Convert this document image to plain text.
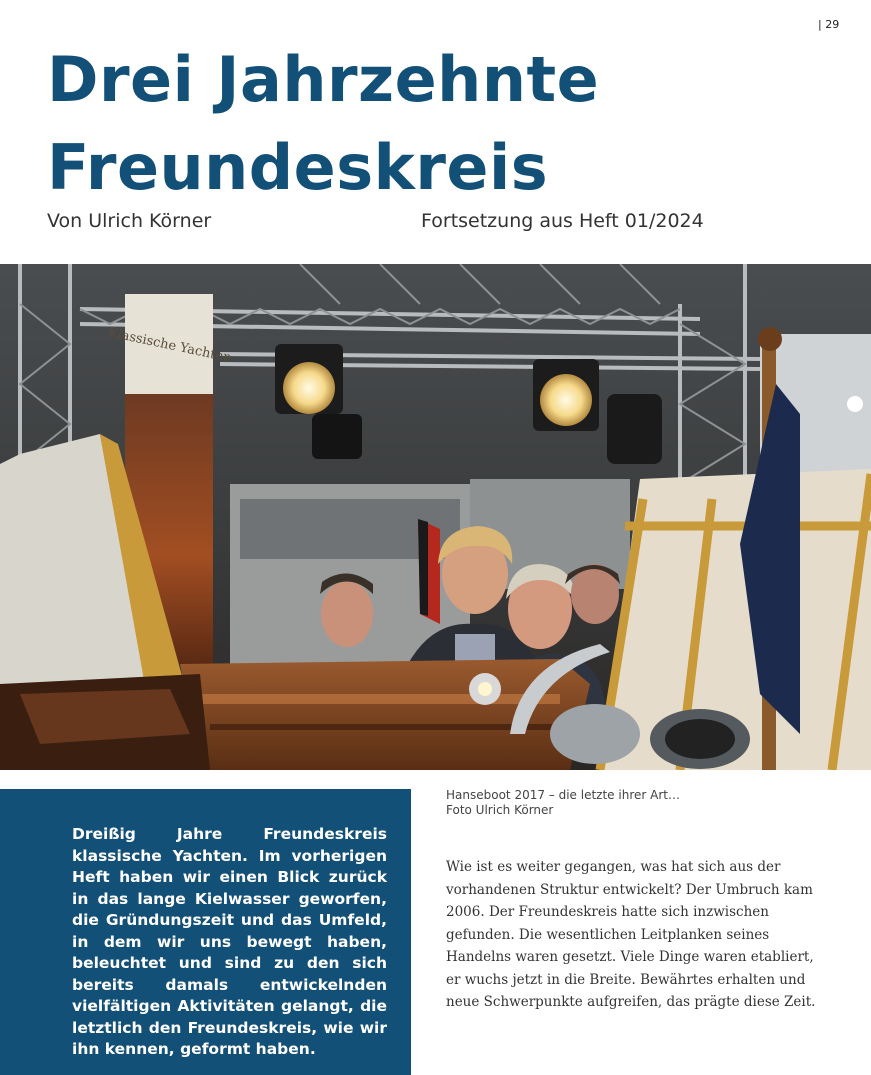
| 29
Drei Jahrzehnte
Freundeskreis
Von Ulrich Körner	Fortsetzung aus Heft 01/2024
Klassische Yachten
Hanseboot 2017 – die letzte ihrer Art…
Foto Ulrich Körner

Dreißig Jahre Freundeskreis klassische Yachten. Im vorherigen Heft haben wir einen Blick zurück in das lange Kielwasser geworfen, die Gründungszeit und das Umfeld, in dem wir uns bewegt haben, beleuchtet und sind zu den sich bereits damals entwickelnden vielfältigen Aktivitäten gelangt, die letztlich den Freundeskreis, wie wir ihn kennen, geformt haben.

Wie ist es weiter gegangen, was hat sich aus der vorhandenen Struktur entwickelt? Der Umbruch kam 2006. Der Freundeskreis hatte sich inzwischen gefunden. Die wesentlichen Leitplanken seines Handelns waren gesetzt. Viele Dinge waren etabliert, er wuchs jetzt in die Breite. Bewährtes erhalten und neue Schwerpunkte aufgreifen, das prägte diese Zeit.
